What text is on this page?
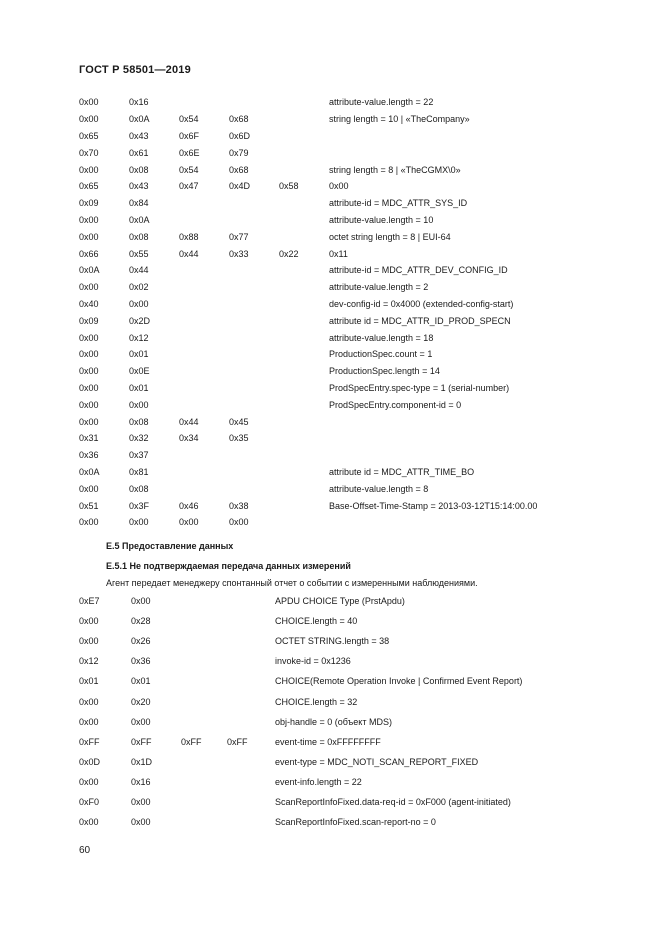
ГОСТ Р 58501—2019
0x00	0x16	attribute-value.length = 22
0x00	0x0A	0x54	0x68	string length = 10 | «TheCompany»
0x65	0x43	0x6F	0x6D
0x70	0x61	0x6E	0x79
0x00	0x08	0x54	0x68	string length = 8 | «TheCGMX\0»
0x65	0x43	0x47	0x4D	0x58	0x00
0x09	0x84	attribute-id = MDC_ATTR_SYS_ID
0x00	0x0A	attribute-value.length = 10
0x00	0x08	0x88	0x77	octet string length = 8 | EUI-64
0x66	0x55	0x44	0x33	0x22	0x11
0x0A	0x44	attribute-id = MDC_ATTR_DEV_CONFIG_ID
0x00	0x02	attribute-value.length = 2
0x40	0x00	dev-config-id = 0x4000 (extended-config-start)
0x09	0x2D	attribute id = MDC_ATTR_ID_PROD_SPECN
0x00	0x12	attribute-value.length = 18
0x00	0x01	ProductionSpec.count = 1
0x00	0x0E	ProductionSpec.length = 14
0x00	0x01	ProdSpecEntry.spec-type = 1 (serial-number)
0x00	0x00	ProdSpecEntry.component-id = 0
0x00	0x08	0x44	0x45
0x31	0x32	0x34	0x35
0x36	0x37
0x0A	0x81	attribute id = MDC_ATTR_TIME_BO
0x00	0x08	attribute-value.length = 8
0x51	0x3F	0x46	0x38	Base-Offset-Time-Stamp = 2013-03-12T15:14:00.00
0x00	0x00	0x00	0x00
E.5 Предоставление данных
E.5.1 Не подтверждаемая передача данных измерений
Агент передает менеджеру спонтанный отчет о событии с измеренными наблюдениями.
0xE7	0x00	APDU CHOICE Type (PrstApdu)
0x00	0x28	CHOICE.length = 40
0x00	0x26	OCTET STRING.length = 38
0x12	0x36	invoke-id = 0x1236
0x01	0x01	CHOICE(Remote Operation Invoke | Confirmed Event Report)
0x00	0x20	CHOICE.length = 32
0x00	0x00	obj-handle = 0 (объект MDS)
0xFF	0xFF	0xFF	0xFF	event-time = 0xFFFFFFFF
0x0D	0x1D	event-type = MDC_NOTI_SCAN_REPORT_FIXED
0x00	0x16	event-info.length = 22
0xF0	0x00	ScanReportInfoFixed.data-req-id = 0xF000 (agent-initiated)
0x00	0x00	ScanReportInfoFixed.scan-report-no = 0
60
